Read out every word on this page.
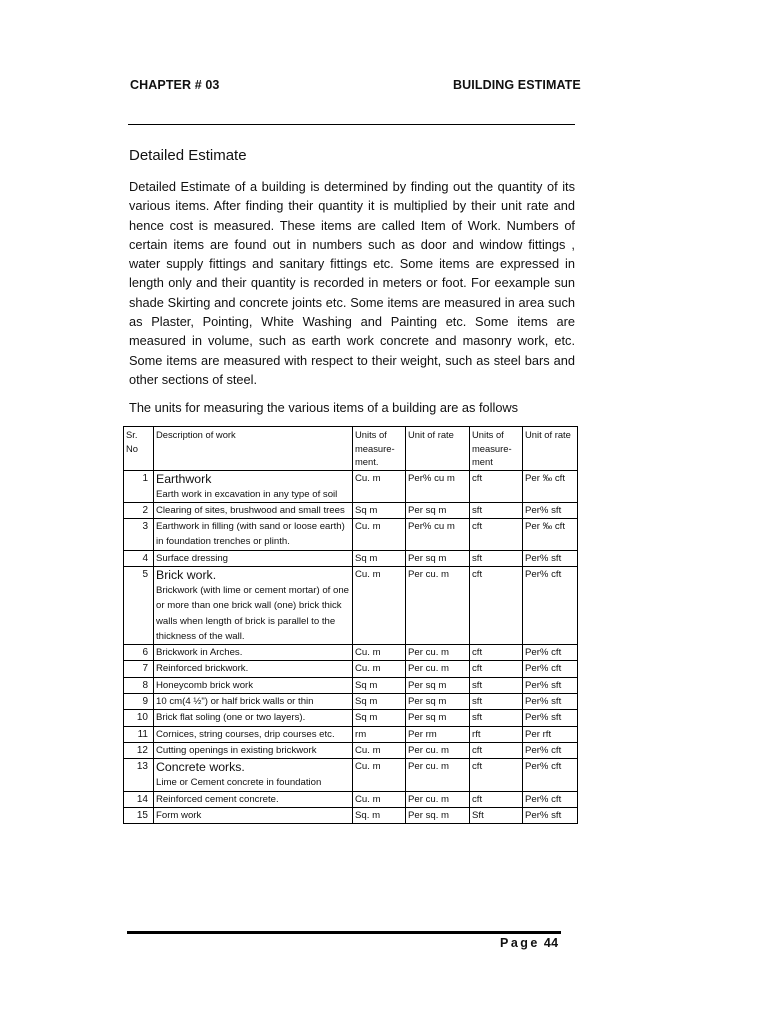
CHAPTER # 03	BUILDING ESTIMATE
Detailed Estimate

Detailed Estimate of a building is determined by finding out the quantity of its various items. After finding their quantity it is multiplied by their unit rate and hence cost is measured. These items are called Item of Work. Numbers of certain items are found out in numbers such as door and window fittings , water supply fittings and sanitary fittings etc. Some items are expressed in length only and their quantity is recorded in meters or foot. For eexample sun shade Skirting and concrete joints etc. Some items are measured in area such as Plaster, Pointing, White Washing and Painting etc. Some items are measured in volume, such as earth work concrete and masonry work, etc. Some items are measured with respect to their weight, such as steel bars and other sections of steel.

The units for measuring the various items of a building are as follows

Sr. No	Description of work	Units of measure-ment.	Unit of rate	Units of measure-ment	Unit of rate
1	Earthwork
Earth work in excavation in any type of soil	Cu. m	Per% cu m	cft	Per ‰ cft
2	Clearing of sites, brushwood and small trees	Sq m	Per sq m	sft	Per% sft
3	Earthwork in filling (with sand or loose earth) in foundation trenches or plinth.	Cu. m	Per% cu m	cft	Per ‰ cft
4	Surface dressing	Sq m	Per sq m	sft	Per% sft
5	Brick work.
Brickwork (with lime or cement mortar) of one or more than one brick wall (one) brick thick walls when length of brick is parallel to the thickness of the wall.	Cu. m	Per cu. m	cft	Per% cft
6	Brickwork in Arches.	Cu. m	Per cu. m	cft	Per% cft
7	Reinforced brickwork.	Cu. m	Per cu. m	cft	Per% cft
8	Honeycomb brick work	Sq m	Per sq m	sft	Per% sft
9	10 cm(4 ½") or half brick walls or thin	Sq m	Per sq m	sft	Per% sft
10	Brick flat soling (one or two layers).	Sq m	Per sq m	sft	Per% sft
11	Cornices, string courses, drip courses etc.	rm	Per rm	rft	Per rft
12	Cutting openings in existing brickwork	Cu. m	Per cu. m	cft	Per% cft
13	Concrete works.
Lime or Cement concrete in foundation	Cu. m	Per cu. m	cft	Per% cft
14	Reinforced cement concrete.	Cu. m	Per cu. m	cft	Per% cft
15	Form work	Sq. m	Per sq. m	Sft	Per% sft
Page 44
